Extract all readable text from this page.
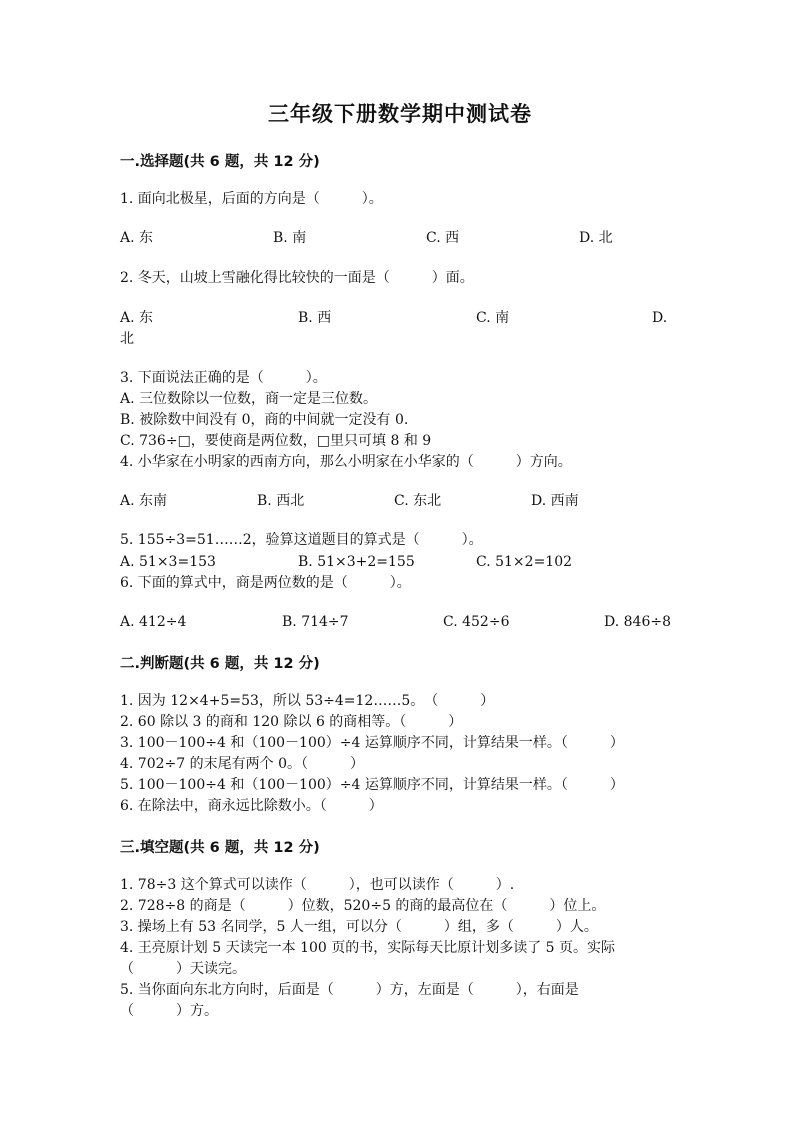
三年级下册数学期中测试卷
一.选择题(共 6 题，共 12 分)
1. 面向北极星，后面的方向是（　　　）。
A. 东	B. 南	C. 西	D. 北
2. 冬天，山坡上雪融化得比较快的一面是（　　　）面。
A. 东	B. 西	C. 南	D.
北
3. 下面说法正确的是（　　　）。
A. 三位数除以一位数，商一定是三位数。
B. 被除数中间没有 0，商的中间就一定没有 0.
C. 736÷□，要使商是两位数，□里只可填 8 和 9
4. 小华家在小明家的西南方向，那么小明家在小华家的（　　　）方向。
A. 东南	B. 西北	C. 东北	D. 西南
5. 155÷3=51……2，验算这道题目的算式是（　　　）。
A. 51×3=153	B. 51×3+2=155	C. 51×2=102
6. 下面的算式中，商是两位数的是（　　　）。
A. 412÷4	B. 714÷7	C. 452÷6	D. 846÷8
二.判断题(共 6 题，共 12 分)
1. 因为 12×4+5=53，所以 53÷4=12……5。　（　　　）
2. 60 除以 3 的商和 120 除以 6 的商相等。（　　　）
3. 100－100÷4 和（100－100）÷4 运算顺序不同，计算结果一样。（　　　）
4. 702÷7 的末尾有两个 0。（　　　）
5. 100－100÷4 和（100－100）÷4 运算顺序不同，计算结果一样。（　　　）
6. 在除法中，商永远比除数小。（　　　）
三.填空题(共 6 题，共 12 分)
1. 78÷3 这个算式可以读作（　　　），也可以读作（　　　）.
2. 728÷8 的商是（　　　）位数，520÷5 的商的最高位在（　　　）位上。
3. 操场上有 53 名同学，5 人一组，可以分（　　　）组，多（　　　）人。
4. 王亮原计划 5 天读完一本 100 页的书，实际每天比原计划多读了 5 页。实际
（　　　）天读完。
5. 当你面向东北方向时，后面是（　　　）方，左面是（　　　），右面是
（　　　）方。
